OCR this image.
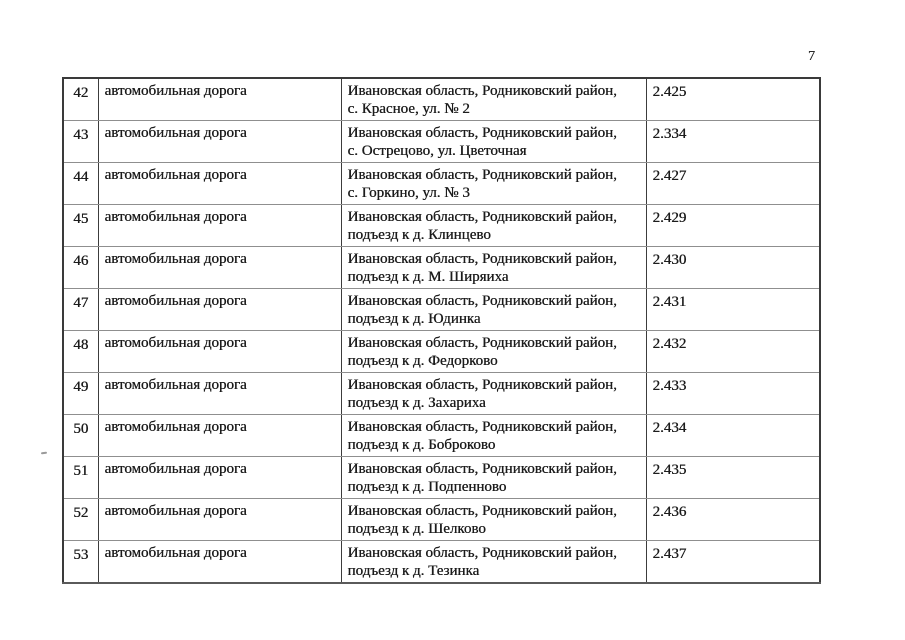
7
42	автомобильная дорога	Ивановская область, Родниковский район,
с. Красное, ул. № 2	2.425
43	автомобильная дорога	Ивановская область, Родниковский район,
с. Острецово, ул. Цветочная	2.334
44	автомобильная дорога	Ивановская область, Родниковский район,
с. Горкино, ул. № 3	2.427
45	автомобильная дорога	Ивановская область, Родниковский район,
подъезд к д. Клинцево	2.429
46	автомобильная дорога	Ивановская область, Родниковский район,
подъезд к д. М. Ширяиха	2.430
47	автомобильная дорога	Ивановская область, Родниковский район,
подъезд к д. Юдинка	2.431
48	автомобильная дорога	Ивановская область, Родниковский район,
подъезд к д. Федорково	2.432
49	автомобильная дорога	Ивановская область, Родниковский район,
подъезд к д. Захариха	2.433
50	автомобильная дорога	Ивановская область, Родниковский район,
подъезд к д. Боброково	2.434
51	автомобильная дорога	Ивановская область, Родниковский район,
подъезд к д. Подпенново	2.435
52	автомобильная дорога	Ивановская область, Родниковский район,
подъезд к д. Шелково	2.436
53	автомобильная дорога	Ивановская область, Родниковский район,
подъезд к д. Тезинка	2.437
